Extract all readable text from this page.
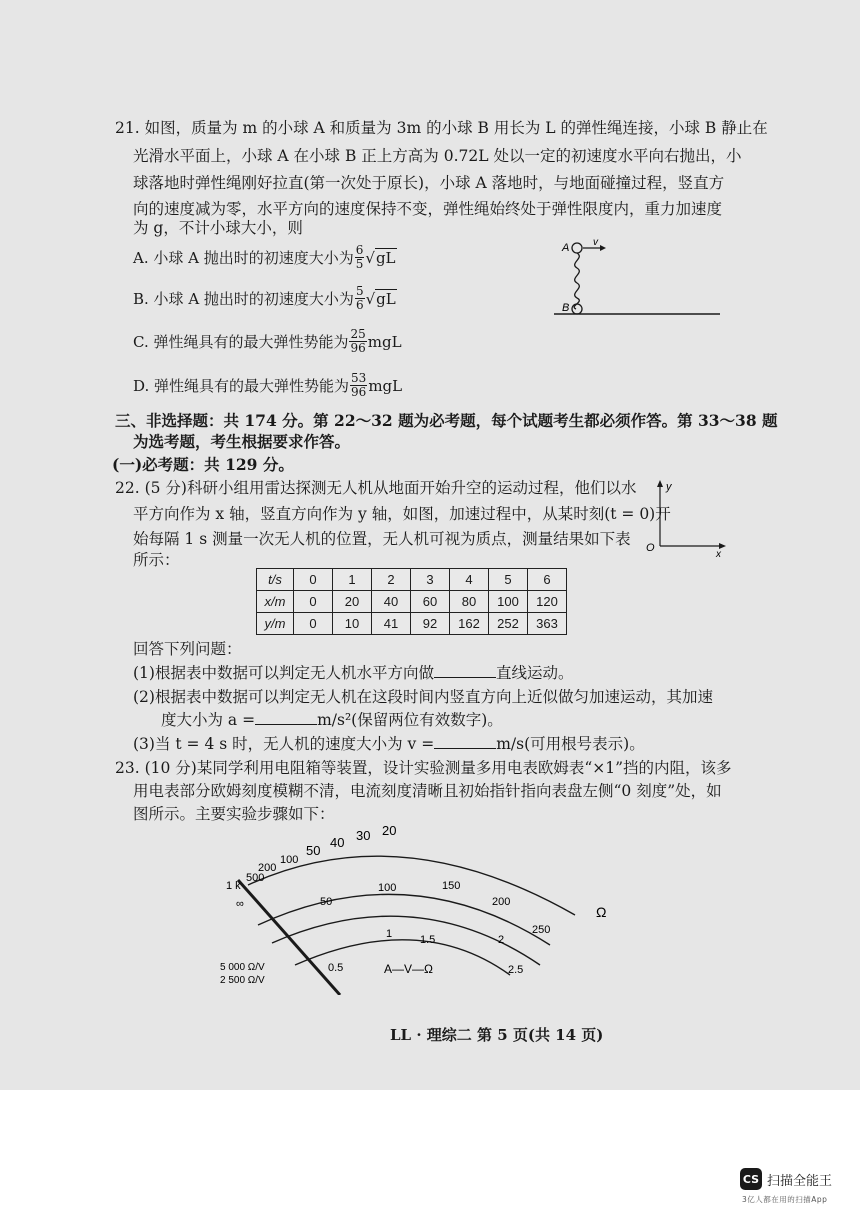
21. 如图，质量为 m 的小球 A 和质量为 3m 的小球 B 用长为 L 的弹性绳连接，小球 B 静止在
光滑水平面上，小球 A 在小球 B 正上方高为 0.72L 处以一定的初速度水平向右抛出，小
球落地时弹性绳刚好拉直(第一次处于原长)，小球 A 落地时，与地面碰撞过程，竖直方
向的速度减为零，水平方向的速度保持不变，弹性绳始终处于弹性限度内，重力加速度
为 g，不计小球大小，则
A. 小球 A 抛出时的初速度大小为 $\frac{6}{5} √gL$
B. 小球 A 抛出时的初速度大小为 $\frac{5}{6} √gL$
C. 弹性绳具有的最大弹性势能为 $\frac{25}{96}$ mgL
D. 弹性绳具有的最大弹性势能为 $\frac{53}{96}$ mgL
A v
B
三、非选择题：共 174 分。第 22～32 题为必考题，每个试题考生都必须作答。第 33～38 题
为选考题，考生根据要求作答。
(一)必考题：共 129 分。
22. (5 分)科研小组用雷达探测无人机从地面开始升空的运动过程，他们以水
平方向作为 x 轴，竖直方向作为 y 轴，如图，加速过程中，从某时刻(t = 0)开
始每隔 1 s 测量一次无人机的位置，无人机可视为质点，测量结果如下表
所示：
y
x
O
t/s	0	1	2	3	4	5	6
x/m	0	20	40	60	80	100	120
y/m	0	10	41	92	162	252	363
回答下列问题：
(1)根据表中数据可以判定无人机水平方向做	直线运动。
(2)根据表中数据可以判定无人机在这段时间内竖直方向上近似做匀加速运动，其加速
度大小为 a =	m/s²(保留两位有效数字)。
(3)当 t = 4 s 时，无人机的速度大小为 v =	m/s(可用根号表示)。
23. (10 分)某同学利用电阻箱等装置，设计实验测量多用电表欧姆表“×1”挡的内阻，该多
用电表部分欧姆刻度模糊不清，电流刻度清晰且初始指针指向表盘左侧“0 刻度”处，如
图所示。主要实验步骤如下：
∞
1 k
500
200
100
50
40 30 20
Ω
50
100	150
200
250
0.5
1	1.5	2
2.5
A—V—Ω
5 000 Ω/V
2 500 Ω/V
LL · 理综二 第 5 页(共 14 页)
CS 扫描全能王
3亿人都在用的扫描App
